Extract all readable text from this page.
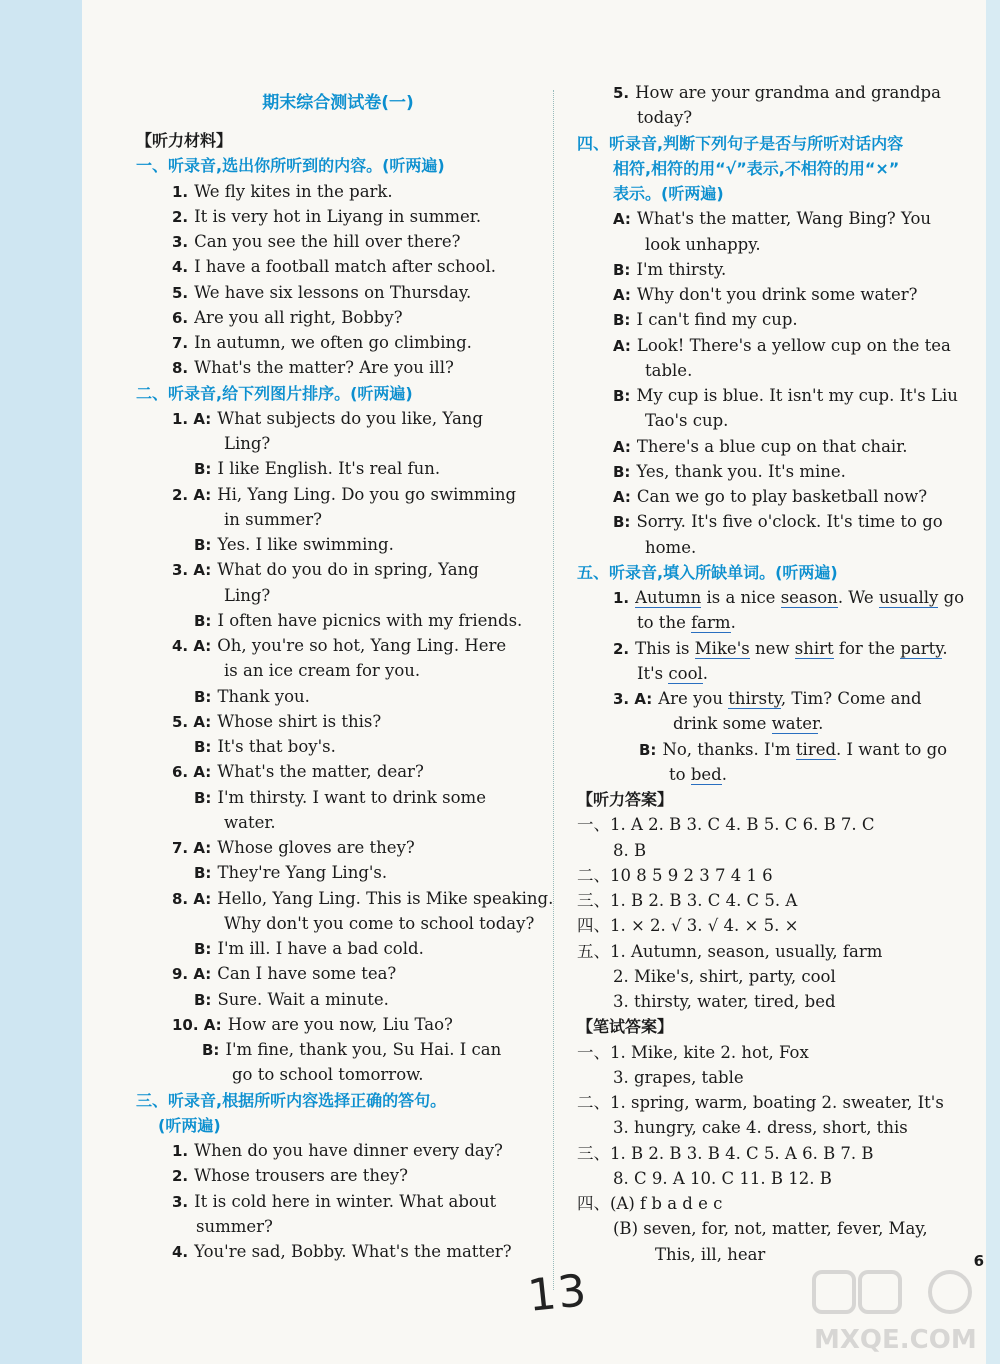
期末综合测试卷(一)
【听力材料】
一、听录音,选出你所听到的内容。(听两遍)
1. We fly kites in the park.
2. It is very hot in Liyang in summer.
3. Can you see the hill over there?
4. I have a football match after school.
5. We have six lessons on Thursday.
6. Are you all right, Bobby?
7. In autumn, we often go climbing.
8. What's the matter? Are you ill?
二、听录音,给下列图片排序。(听两遍)
1. A: What subjects do you like, Yang
Ling?
B: I like English. It's real fun.
2. A: Hi, Yang Ling. Do you go swimming
in summer?
B: Yes. I like swimming.
3. A: What do you do in spring, Yang
Ling?
B: I often have picnics with my friends.
4. A: Oh, you're so hot, Yang Ling. Here
is an ice cream for you.
B: Thank you.
5. A: Whose shirt is this?
B: It's that boy's.
6. A: What's the matter, dear?
B: I'm thirsty. I want to drink some
water.
7. A: Whose gloves are they?
B: They're Yang Ling's.
8. A: Hello, Yang Ling. This is Mike speaking.
Why don't you come to school today?
B: I'm ill. I have a bad cold.
9. A: Can I have some tea?
B: Sure. Wait a minute.
10. A: How are you now, Liu Tao?
B: I'm fine, thank you, Su Hai. I can
go to school tomorrow.
三、听录音,根据所听内容选择正确的答句。
(听两遍)
1. When do you have dinner every day?
2. Whose trousers are they?
3. It is cold here in winter. What about
summer?
4. You're sad, Bobby. What's the matter?
5. How are your grandma and grandpa
today?
四、听录音,判断下列句子是否与所听对话内容
相符,相符的用“√”表示,不相符的用“×”
表示。(听两遍)
A: What's the matter, Wang Bing? You
look unhappy.
B: I'm thirsty.
A: Why don't you drink some water?
B: I can't find my cup.
A: Look! There's a yellow cup on the tea
table.
B: My cup is blue. It isn't my cup. It's Liu
Tao's cup.
A: There's a blue cup on that chair.
B: Yes, thank you. It's mine.
A: Can we go to play basketball now?
B: Sorry. It's five o'clock. It's time to go
home.
五、听录音,填入所缺单词。(听两遍)
1. Autumn is a nice season. We usually go
to the farm.
2. This is Mike's new shirt for the party.
It's cool.
3. A: Are you thirsty, Tim? Come and
drink some water.
B: No, thanks. I'm tired. I want to go
to bed.
【听力答案】
一、1. A 2. B 3. C 4. B 5. C 6. B 7. C
8. B
二、10 8 5 9 2 3 7 4 1 6
三、1. B 2. B 3. C 4. C 5. A
四、1. × 2. √ 3. √ 4. × 5. ×
五、1. Autumn, season, usually, farm
2. Mike's, shirt, party, cool
3. thirsty, water, tired, bed
【笔试答案】
一、1. Mike, kite 2. hot, Fox
3. grapes, table
二、1. spring, warm, boating 2. sweater, It's
3. hungry, cake 4. dress, short, this
三、1. B 2. B 3. B 4. C 5. A 6. B 7. B
8. C 9. A 10. C 11. B 12. B
四、(A) f b a d e c
(B) seven, for, not, matter, fever, May,
This, ill, hear	6
13
MXQE.COM
